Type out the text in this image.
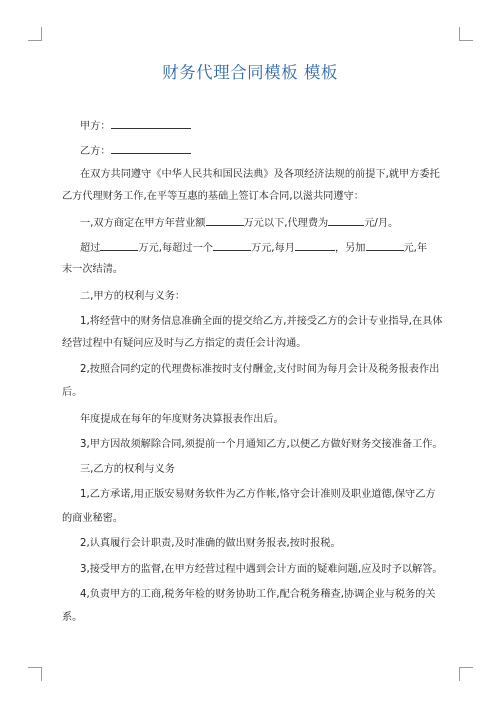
财务代理合同模板 模板
甲方：
乙方：
在双方共同遵守《中华人民共和国民法典》及各项经济法规的前提下,就甲方委托
乙方代理财务工作,在平等互惠的基础上签订本合同,以滋共同遵守：
一,双方商定在甲方年营业额	万元以下,代理费为	元/月。
超过	万元,每超过一个	万元,每月	，另加	元,年
末一次结清。
二,甲方的权利与义务：
1,将经营中的财务信息准确全面的提交给乙方,并接受乙方的会计专业指导,在具体
经营过程中有疑问应及时与乙方指定的责任会计沟通。
2,按照合同约定的代理费标准按时支付酬金,支付时间为每月会计及税务报表作出
后。
年度提成在每年的年度财务决算报表作出后。
3,甲方因故须解除合同,须提前一个月通知乙方,以便乙方做好财务交接准备工作。
三,乙方的权利与义务
1,乙方承诺,用正版安易财务软件为乙方作帐,恪守会计准则及职业道德,保守乙方
的商业秘密。
2,认真履行会计职责,及时准确的做出财务报表,按时报税。
3,接受甲方的监督,在甲方经营过程中遇到会计方面的疑难问题,应及时予以解答。
4,负责甲方的工商,税务年检的财务协助工作,配合税务稽查,协调企业与税务的关
系。
